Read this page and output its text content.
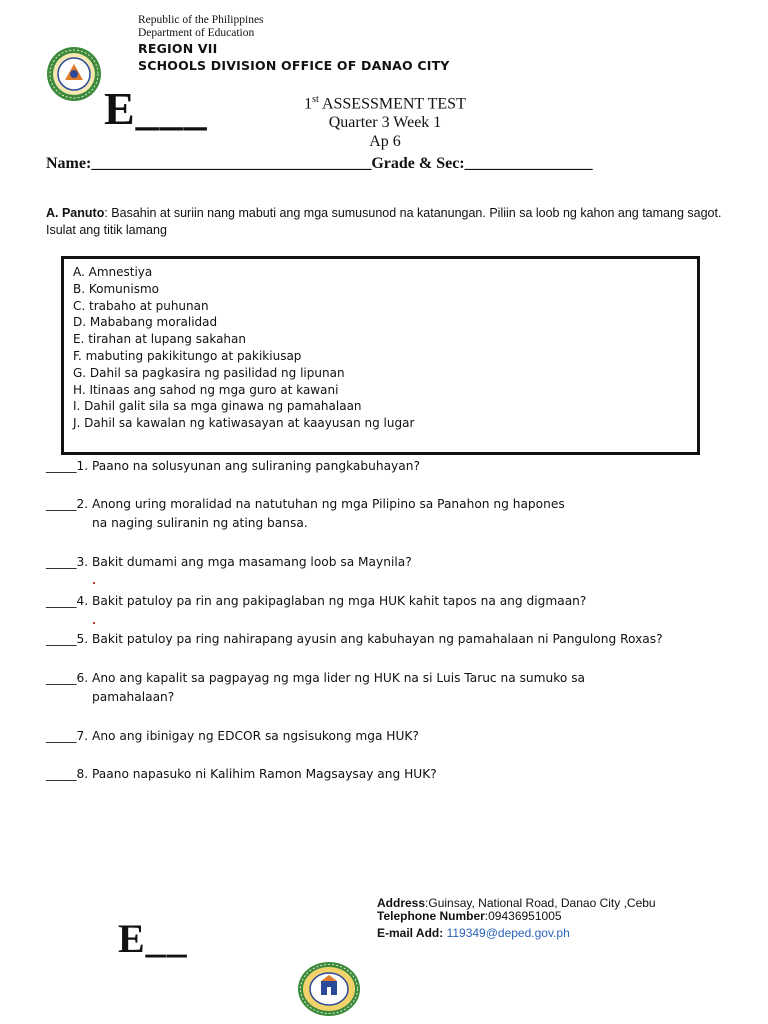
Republic of the Philippines
Department of Education
REGION VII
SCHOOLS DIVISION OFFICE OF DANAO CITY
E___	1st ASSESSMENT TEST
Quarter 3 Week 1
Ap 6
Name:___________________________________Grade & Sec:________________
A. Panuto: Basahin at suriin nang mabuti ang mga sumusunod na katanungan. Piliin sa loob ng kahon ang tamang sagot. Isulat ang titik lamang
A. Amnestiya
B. Komunismo
C. trabaho at puhunan
D. Mababang moralidad
E. tirahan at lupang sakahan
F. mabuting pakikitungo at pakikiusap
G. Dahil sa pagkasira ng pasilidad ng lipunan
H. Itinaas ang sahod ng mga guro at kawani
I. Dahil galit sila sa mga ginawa ng pamahalaan
J. Dahil sa kawalan ng katiwasayan at kaayusan ng lugar
_____1. Paano na solusyunan ang suliraning pangkabuhayan?
_____2. Anong uring moralidad na natutuhan ng mga Pilipino sa Panahon ng hapones
na naging suliranin ng ating bansa.
_____3. Bakit dumami ang mga masamang loob sa Maynila?
_____4. Bakit patuloy pa rin ang pakipaglaban ng mga HUK kahit tapos na ang digmaan?
_____5. Bakit patuloy pa ring nahirapang ayusin ang kabuhayan ng pamahalaan ni Pangulong Roxas?
_____6. Ano ang kapalit sa pagpayag ng mga lider ng HUK na si Luis Taruc na sumuko sa
pamahalaan?
_____7. Ano ang ibinigay ng EDCOR sa ngsisukong mga HUK?
_____8. Paano napasuko ni Kalihim Ramon Magsaysay ang HUK?
Address:Guinsay, National Road, Danao City ,Cebu
Telephone Number:09436951005
E-mail Add: 119349@deped.gov.ph
E__
